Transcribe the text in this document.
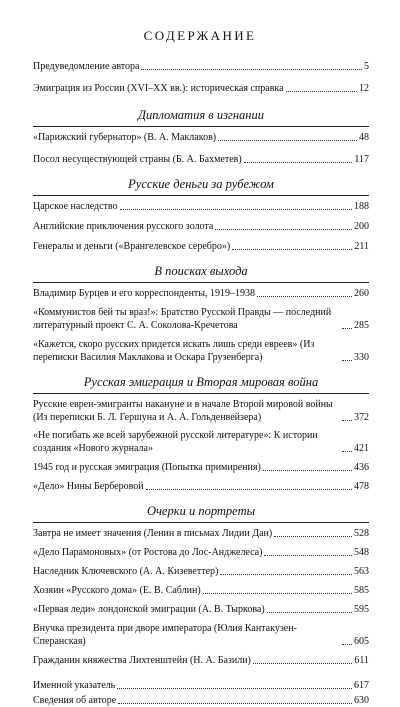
СОДЕРЖАНИЕ
Предуведомление автора	5
Эмиграция из России (XVI–XX вв.): историческая справка	12
Дипломатия в изгнании
«Парижский губернатор» (В. А. Маклаков)	48
Посол несуществующей страны (Б. А. Бахметев)	117
Русские деньги за рубежом
Царское наследство	188
Английские приключения русского золота	200
Генералы и деньги («Врангелевское серебро»)	211
В поисках выхода
Владимир Бурцев и его корреспонденты, 1919–1938	260
«Коммунистов бей ты враз!»: Братство Русской Правды — последний литературный проект С. А. Соколова-Кречетова	285
«Кажется, скоро русских придется искать лишь среди евреев» (Из переписки Василия Маклакова и Оскара Грузенберга)	330
Русская эмиграция и Вторая мировая война
Русские евреи-эмигранты накануне и в начале Второй мировой войны (Из переписки Б. Л. Гершуна и А. А. Гольденвейзера)	372
«Не погибать же всей зарубежной русской литературе»: К истории создания «Нового журнала»	421
1945 год и русская эмиграция (Попытка примирения)	436
«Дело» Нины Берберовой	478
Очерки и портреты
Завтра не имеет значения (Ленин в письмах Лидии Дан)	528
«Дело Парамоновых» (от Ростова до Лос-Анджелеса)	548
Наследник Ключевского (А. А. Кизеветтер)	563
Хозяин «Русского дома» (Е. В. Саблин)	585
«Первая леди» лондонской эмиграции (А. В. Тыркова)	595
Внучка президента при дворе императора (Юлия Кантакузен-Сперанская)	605
Гражданин княжества Лихтенштейн (Н. А. Базили)	611
Именной указатель	617
Сведения об авторе	630
